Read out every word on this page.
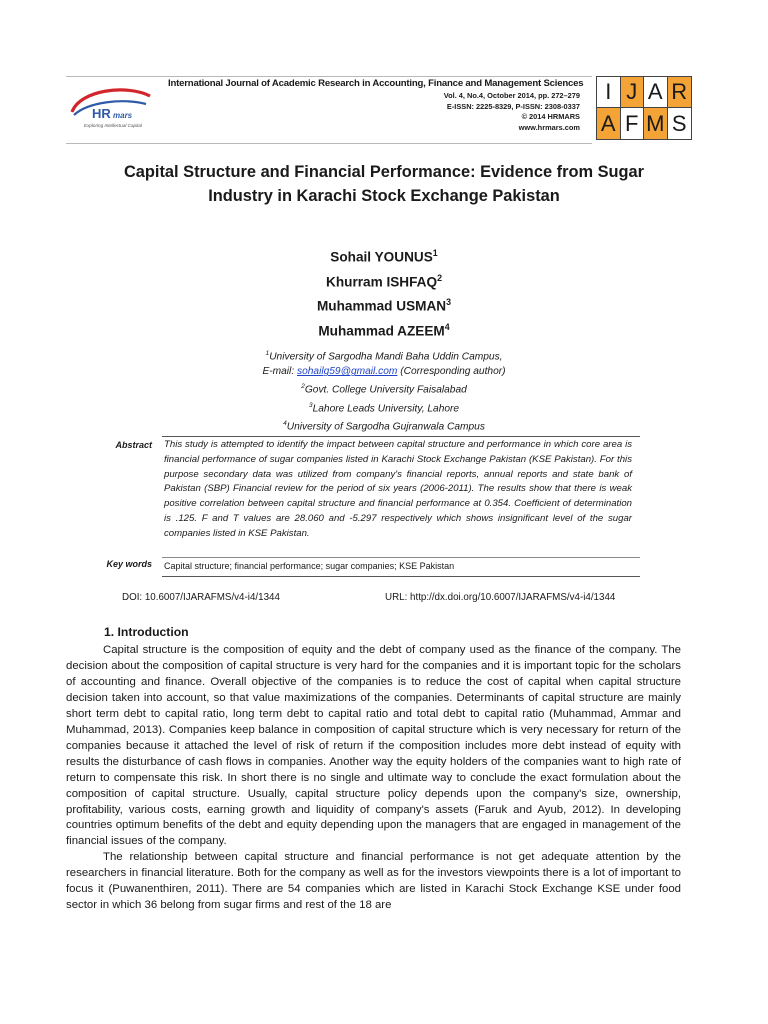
HR mars
Exploring Intellectual Capital
International Journal of Academic Research in Accounting, Finance and Management Sciences
Vol. 4, No.4, October 2014, pp. 272–279
E-ISSN: 2225-8329, P-ISSN: 2308-0337
© 2014 HRMARS
www.hrmars.com
I J A R
A F M S
Capital Structure and Financial Performance: Evidence from Sugar
Industry in Karachi Stock Exchange Pakistan
Sohail YOUNUS$^1$
Khurram ISHFAQ$^2$
Muhammad USMAN$^3$
Muhammad AZEEM$^4$
$^1$University of Sargodha Mandi Baha Uddin Campus,
E-mail: sohailg59@gmail.com (Corresponding author)
$^2$Govt. College University Faisalabad
$^3$Lahore Leads University, Lahore
$^4$University of Sargodha Gujranwala Campus
Abstract This study is attempted to identify the impact between capital structure and performance in which core area is financial performance of sugar companies listed in Karachi Stock Exchange Pakistan (KSE Pakistan). For this purpose secondary data was utilized from company's financial reports, annual reports and state bank of Pakistan (SBP) Financial review for the period of six years (2006-2011). The results show that there is weak positive correlation between capital structure and financial performance at 0.354. Coefficient of determination is .125. F and T values are 28.060 and -5.297 respectively which shows insignificant level of the sugar companies listed in KSE Pakistan.
Key words Capital structure; financial performance; sugar companies; KSE Pakistan
DOI: 10.6007/IJARAFMS/v4-i4/1344	URL: http://dx.doi.org/10.6007/IJARAFMS/v4-i4/1344
1. Introduction

Capital structure is the composition of equity and the debt of company used as the finance of the company. The decision about the composition of capital structure is very hard for the companies and it is important topic for the scholars of accounting and finance. Overall objective of the companies is to reduce the cost of capital when capital structure decision taken into account, so that value maximizations of the companies. Determinants of capital structure are mainly short term debt to capital ratio, long term debt to capital ratio and total debt to capital ratio (Muhammad, Ammar and Muhammad, 2013). Companies keep balance in composition of capital structure which is very necessary for return of the companies because it attached the level of risk of return if the composition includes more debt instead of equity with results the disturbance of cash flows in companies. Another way the equity holders of the companies want to high rate of return to compensate this risk. In short there is no single and ultimate way to conclude the exact formulation about the composition of capital structure. Usually, capital structure policy depends upon the company's size, ownership, profitability, various costs, earning growth and liquidity of company's assets (Faruk and Ayub, 2012). In developing countries optimum benefits of the debt and equity depending upon the managers that are engaged in management of the financial issues of the company.

The relationship between capital structure and financial performance is not get adequate attention by the researchers in financial literature. Both for the company as well as for the investors viewpoints there is a lot of important to focus it (Puwanenthiren, 2011). There are 54 companies which are listed in Karachi Stock Exchange KSE under food sector in which 36 belong from sugar firms and rest of the 18 are
